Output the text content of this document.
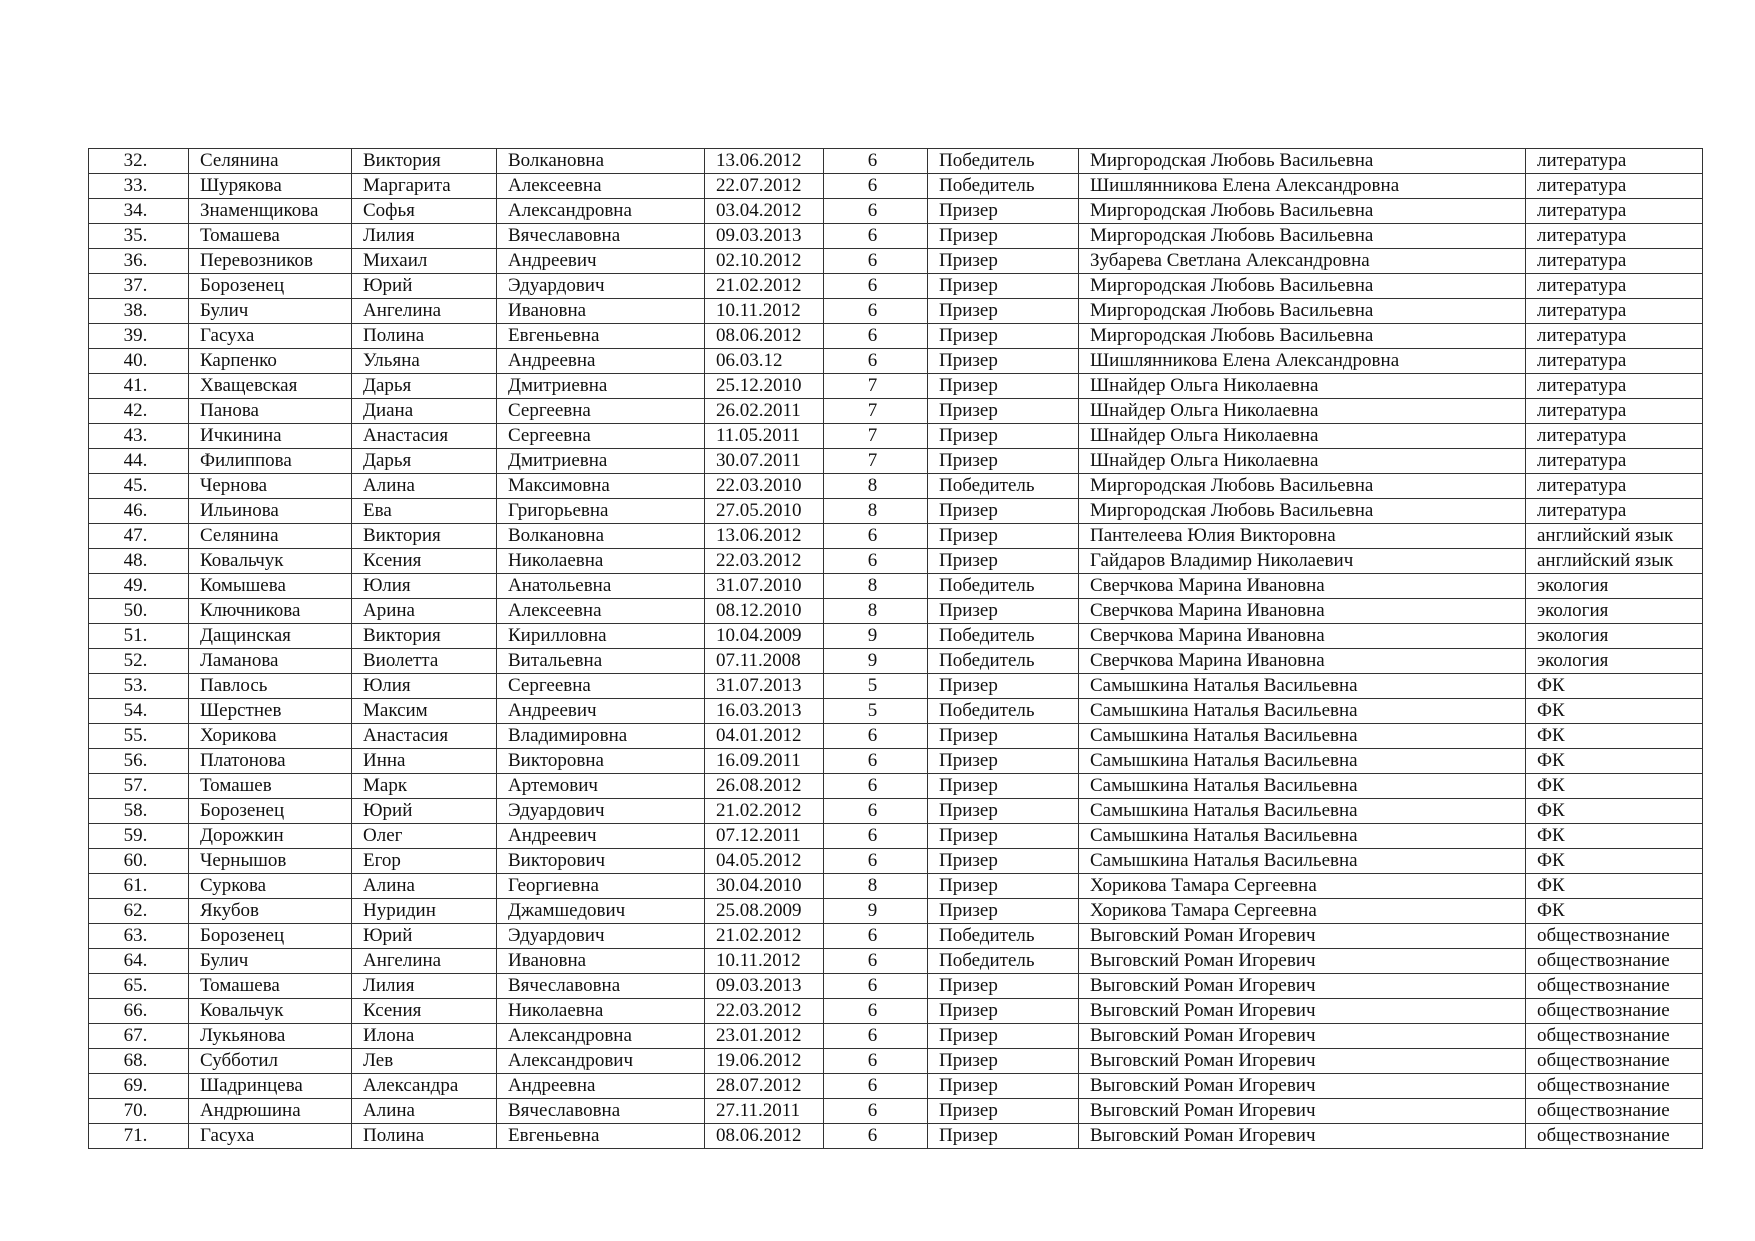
32.	Селянина	Виктория	Волкановна	13.06.2012	6	Победитель	Миргородская Любовь Васильевна	литература
33.	Шурякова	Маргарита	Алексеевна	22.07.2012	6	Победитель	Шишлянникова Елена Александровна	литература
34.	Знаменщикова	Софья	Александровна	03.04.2012	6	Призер	Миргородская Любовь Васильевна	литература
35.	Томашева	Лилия	Вячеславовна	09.03.2013	6	Призер	Миргородская Любовь Васильевна	литература
36.	Перевозников	Михаил	Андреевич	02.10.2012	6	Призер	Зубарева Светлана Александровна	литература
37.	Борозенец	Юрий	Эдуардович	21.02.2012	6	Призер	Миргородская Любовь Васильевна	литература
38.	Булич	Ангелина	Ивановна	10.11.2012	6	Призер	Миргородская Любовь Васильевна	литература
39.	Гасуха	Полина	Евгеньевна	08.06.2012	6	Призер	Миргородская Любовь Васильевна	литература
40.	Карпенко	Ульяна	Андреевна	06.03.12	6	Призер	Шишлянникова Елена Александровна	литература
41.	Хващевская	Дарья	Дмитриевна	25.12.2010	7	Призер	Шнайдер Ольга Николаевна	литература
42.	Панова	Диана	Сергеевна	26.02.2011	7	Призер	Шнайдер Ольга Николаевна	литература
43.	Ичкинина	Анастасия	Сергеевна	11.05.2011	7	Призер	Шнайдер Ольга Николаевна	литература
44.	Филиппова	Дарья	Дмитриевна	30.07.2011	7	Призер	Шнайдер Ольга Николаевна	литература
45.	Чернова	Алина	Максимовна	22.03.2010	8	Победитель	Миргородская Любовь Васильевна	литература
46.	Ильинова	Ева	Григорьевна	27.05.2010	8	Призер	Миргородская Любовь Васильевна	литература
47.	Селянина	Виктория	Волкановна	13.06.2012	6	Призер	Пантелеева Юлия Викторовна	английский язык
48.	Ковальчук	Ксения	Николаевна	22.03.2012	6	Призер	Гайдаров Владимир Николаевич	английский язык
49.	Комышева	Юлия	Анатольевна	31.07.2010	8	Победитель	Сверчкова Марина Ивановна	экология
50.	Ключникова	Арина	Алексеевна	08.12.2010	8	Призер	Сверчкова Марина Ивановна	экология
51.	Дащинская	Виктория	Кирилловна	10.04.2009	9	Победитель	Сверчкова Марина Ивановна	экология
52.	Ламанова	Виолетта	Витальевна	07.11.2008	9	Победитель	Сверчкова Марина Ивановна	экология
53.	Павлось	Юлия	Сергеевна	31.07.2013	5	Призер	Самышкина Наталья Васильевна	ФК
54.	Шерстнев	Максим	Андреевич	16.03.2013	5	Победитель	Самышкина Наталья Васильевна	ФК
55.	Хорикова	Анастасия	Владимировна	04.01.2012	6	Призер	Самышкина Наталья Васильевна	ФК
56.	Платонова	Инна	Викторовна	16.09.2011	6	Призер	Самышкина Наталья Васильевна	ФК
57.	Томашев	Марк	Артемович	26.08.2012	6	Призер	Самышкина Наталья Васильевна	ФК
58.	Борозенец	Юрий	Эдуардович	21.02.2012	6	Призер	Самышкина Наталья Васильевна	ФК
59.	Дорожкин	Олег	Андреевич	07.12.2011	6	Призер	Самышкина Наталья Васильевна	ФК
60.	Чернышов	Егор	Викторович	04.05.2012	6	Призер	Самышкина Наталья Васильевна	ФК
61.	Суркова	Алина	Георгиевна	30.04.2010	8	Призер	Хорикова Тамара Сергеевна	ФК
62.	Якубов	Нуридин	Джамшедович	25.08.2009	9	Призер	Хорикова Тамара Сергеевна	ФК
63.	Борозенец	Юрий	Эдуардович	21.02.2012	6	Победитель	Выговский Роман Игоревич	обществознание
64.	Булич	Ангелина	Ивановна	10.11.2012	6	Победитель	Выговский Роман Игоревич	обществознание
65.	Томашева	Лилия	Вячеславовна	09.03.2013	6	Призер	Выговский Роман Игоревич	обществознание
66.	Ковальчук	Ксения	Николаевна	22.03.2012	6	Призер	Выговский Роман Игоревич	обществознание
67.	Лукьянова	Илона	Александровна	23.01.2012	6	Призер	Выговский Роман Игоревич	обществознание
68.	Субботил	Лев	Александрович	19.06.2012	6	Призер	Выговский Роман Игоревич	обществознание
69.	Шадринцева	Александра	Андреевна	28.07.2012	6	Призер	Выговский Роман Игоревич	обществознание
70.	Андрюшина	Алина	Вячеславовна	27.11.2011	6	Призер	Выговский Роман Игоревич	обществознание
71.	Гасуха	Полина	Евгеньевна	08.06.2012	6	Призер	Выговский Роман Игоревич	обществознание
